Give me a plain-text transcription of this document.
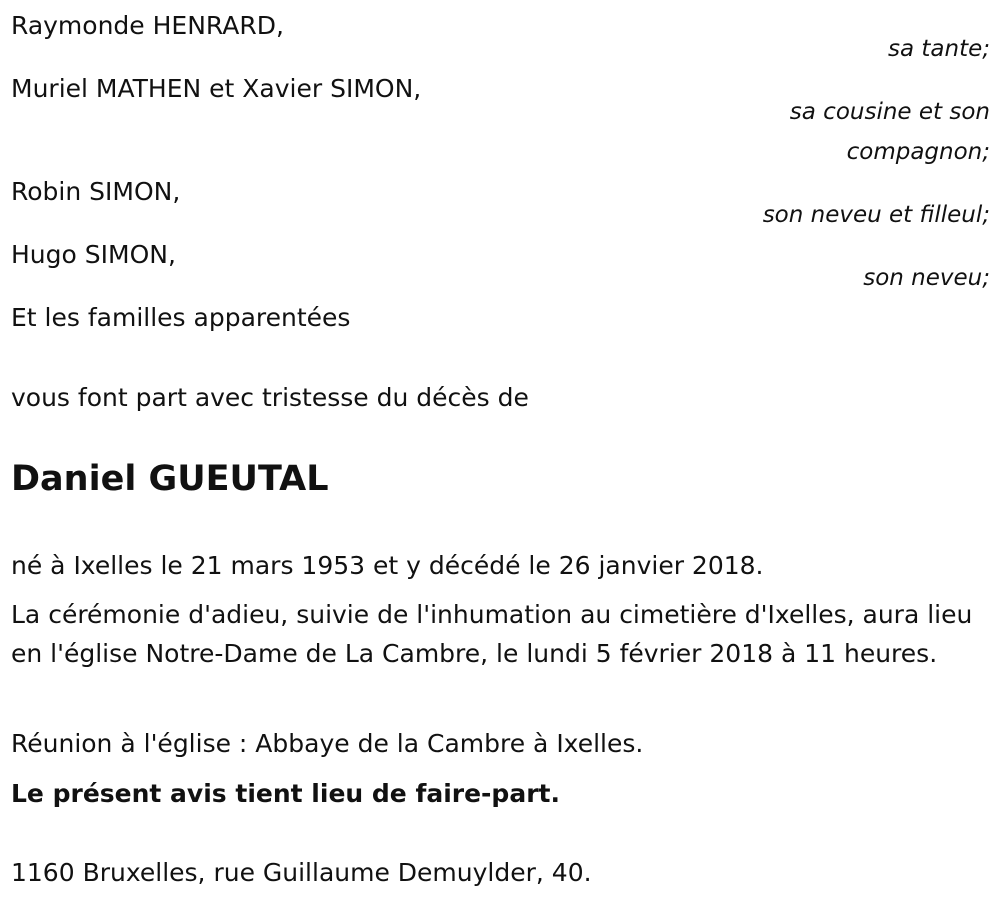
Raymonde HENRARD,
sa tante;
Muriel MATHEN et Xavier SIMON,
sa cousine et son
compagnon;
Robin SIMON,
son neveu et filleul;
Hugo SIMON,
son neveu;
Et les familles apparentées
vous font part avec tristesse du décès de
Daniel GUEUTAL
né à Ixelles le 21 mars 1953 et y décédé le 26 janvier 2018.
La cérémonie d'adieu, suivie de l'inhumation au cimetière d'Ixelles, aura lieu en l'église Notre-Dame de La Cambre, le lundi 5 février 2018 à 11 heures.
Réunion à l'église : Abbaye de la Cambre à Ixelles.
Le présent avis tient lieu de faire-part.
1160 Bruxelles, rue Guillaume Demuylder, 40.
